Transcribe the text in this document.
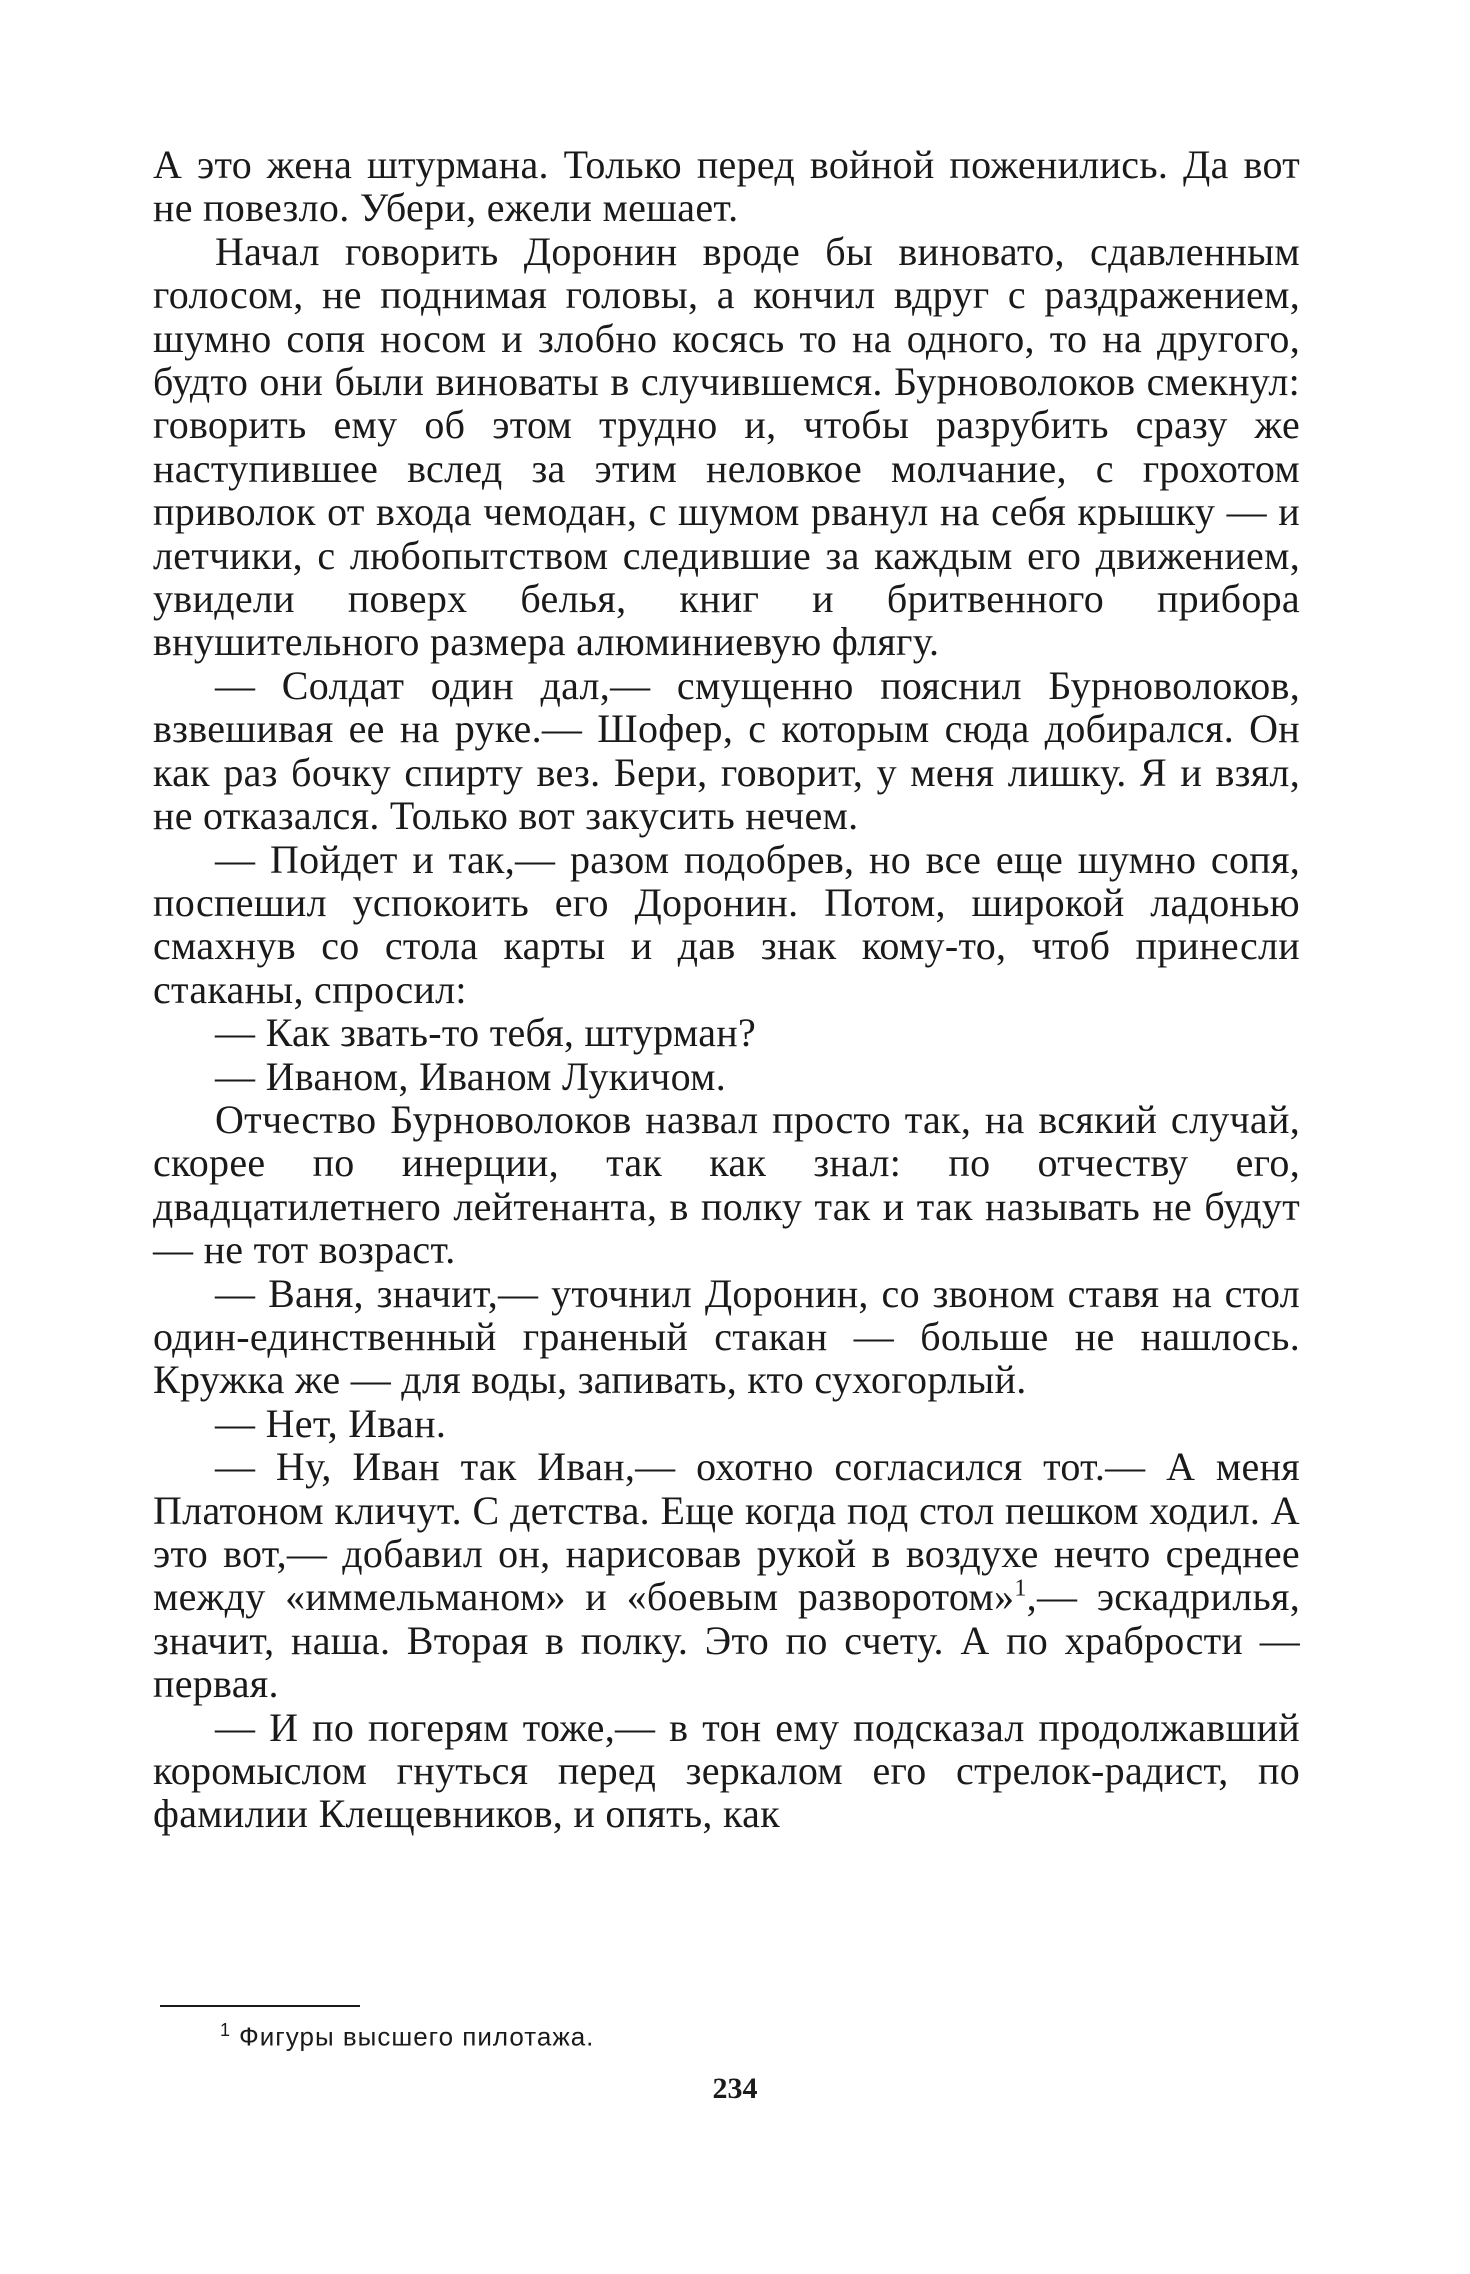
А это жена штурмана. Только перед войной поженились. Да вот не повезло. Убери, ежели мешает.

Начал говорить Доронин вроде бы виновато, сдавленным голосом, не поднимая головы, а кончил вдруг с раздражением, шумно сопя носом и злобно косясь то на одного, то на другого, будто они были виноваты в случившемся. Бурноволоков смекнул: говорить ему об этом трудно и, чтобы разрубить сразу же наступившее вслед за этим неловкое молчание, с грохотом приволок от входа чемодан, с шумом рванул на себя крышку — и летчики, с любопытством следившие за каждым его движением, увидели поверх белья, книг и бритвенного прибора внушительного размера алюминиевую флягу.

— Солдат один дал,— смущенно пояснил Бурноволоков, взвешивая ее на руке.— Шофер, с которым сюда добирался. Он как раз бочку спирту вез. Бери, говорит, у меня лишку. Я и взял, не отказался. Только вот закусить нечем.

— Пойдет и так,— разом подобрев, но все еще шумно сопя, поспешил успокоить его Доронин. Потом, широкой ладонью смахнув со стола карты и дав знак кому-то, чтоб принесли стаканы, спросил:

— Как звать-то тебя, штурман?

— Иваном, Иваном Лукичом.

Отчество Бурноволоков назвал просто так, на всякий случай, скорее по инерции, так как знал: по отчеству его, двадцатилетнего лейтенанта, в полку так и так называть не будут — не тот возраст.

— Ваня, значит,— уточнил Доронин, со звоном ставя на стол один-единственный граненый стакан — больше не нашлось. Кружка же — для воды, запивать, кто сухогорлый.

— Нет, Иван.

— Ну, Иван так Иван,— охотно согласился тот.— А меня Платоном кличут. С детства. Еще когда под стол пешком ходил. А это вот,— добавил он, нарисовав рукой в воздухе нечто среднее между «иммельманом» и «боевым разворотом»$^1$,— эскадрилья, значит, наша. Вторая в полку. Это по счету. А по храбрости — первая.

— И по погерям тоже,— в тон ему подсказал продолжавший коромыслом гнуться перед зеркалом его стрелок-радист, по фамилии Клещевников, и опять, как

$^1$ Фигуры высшего пилотажа.
234
